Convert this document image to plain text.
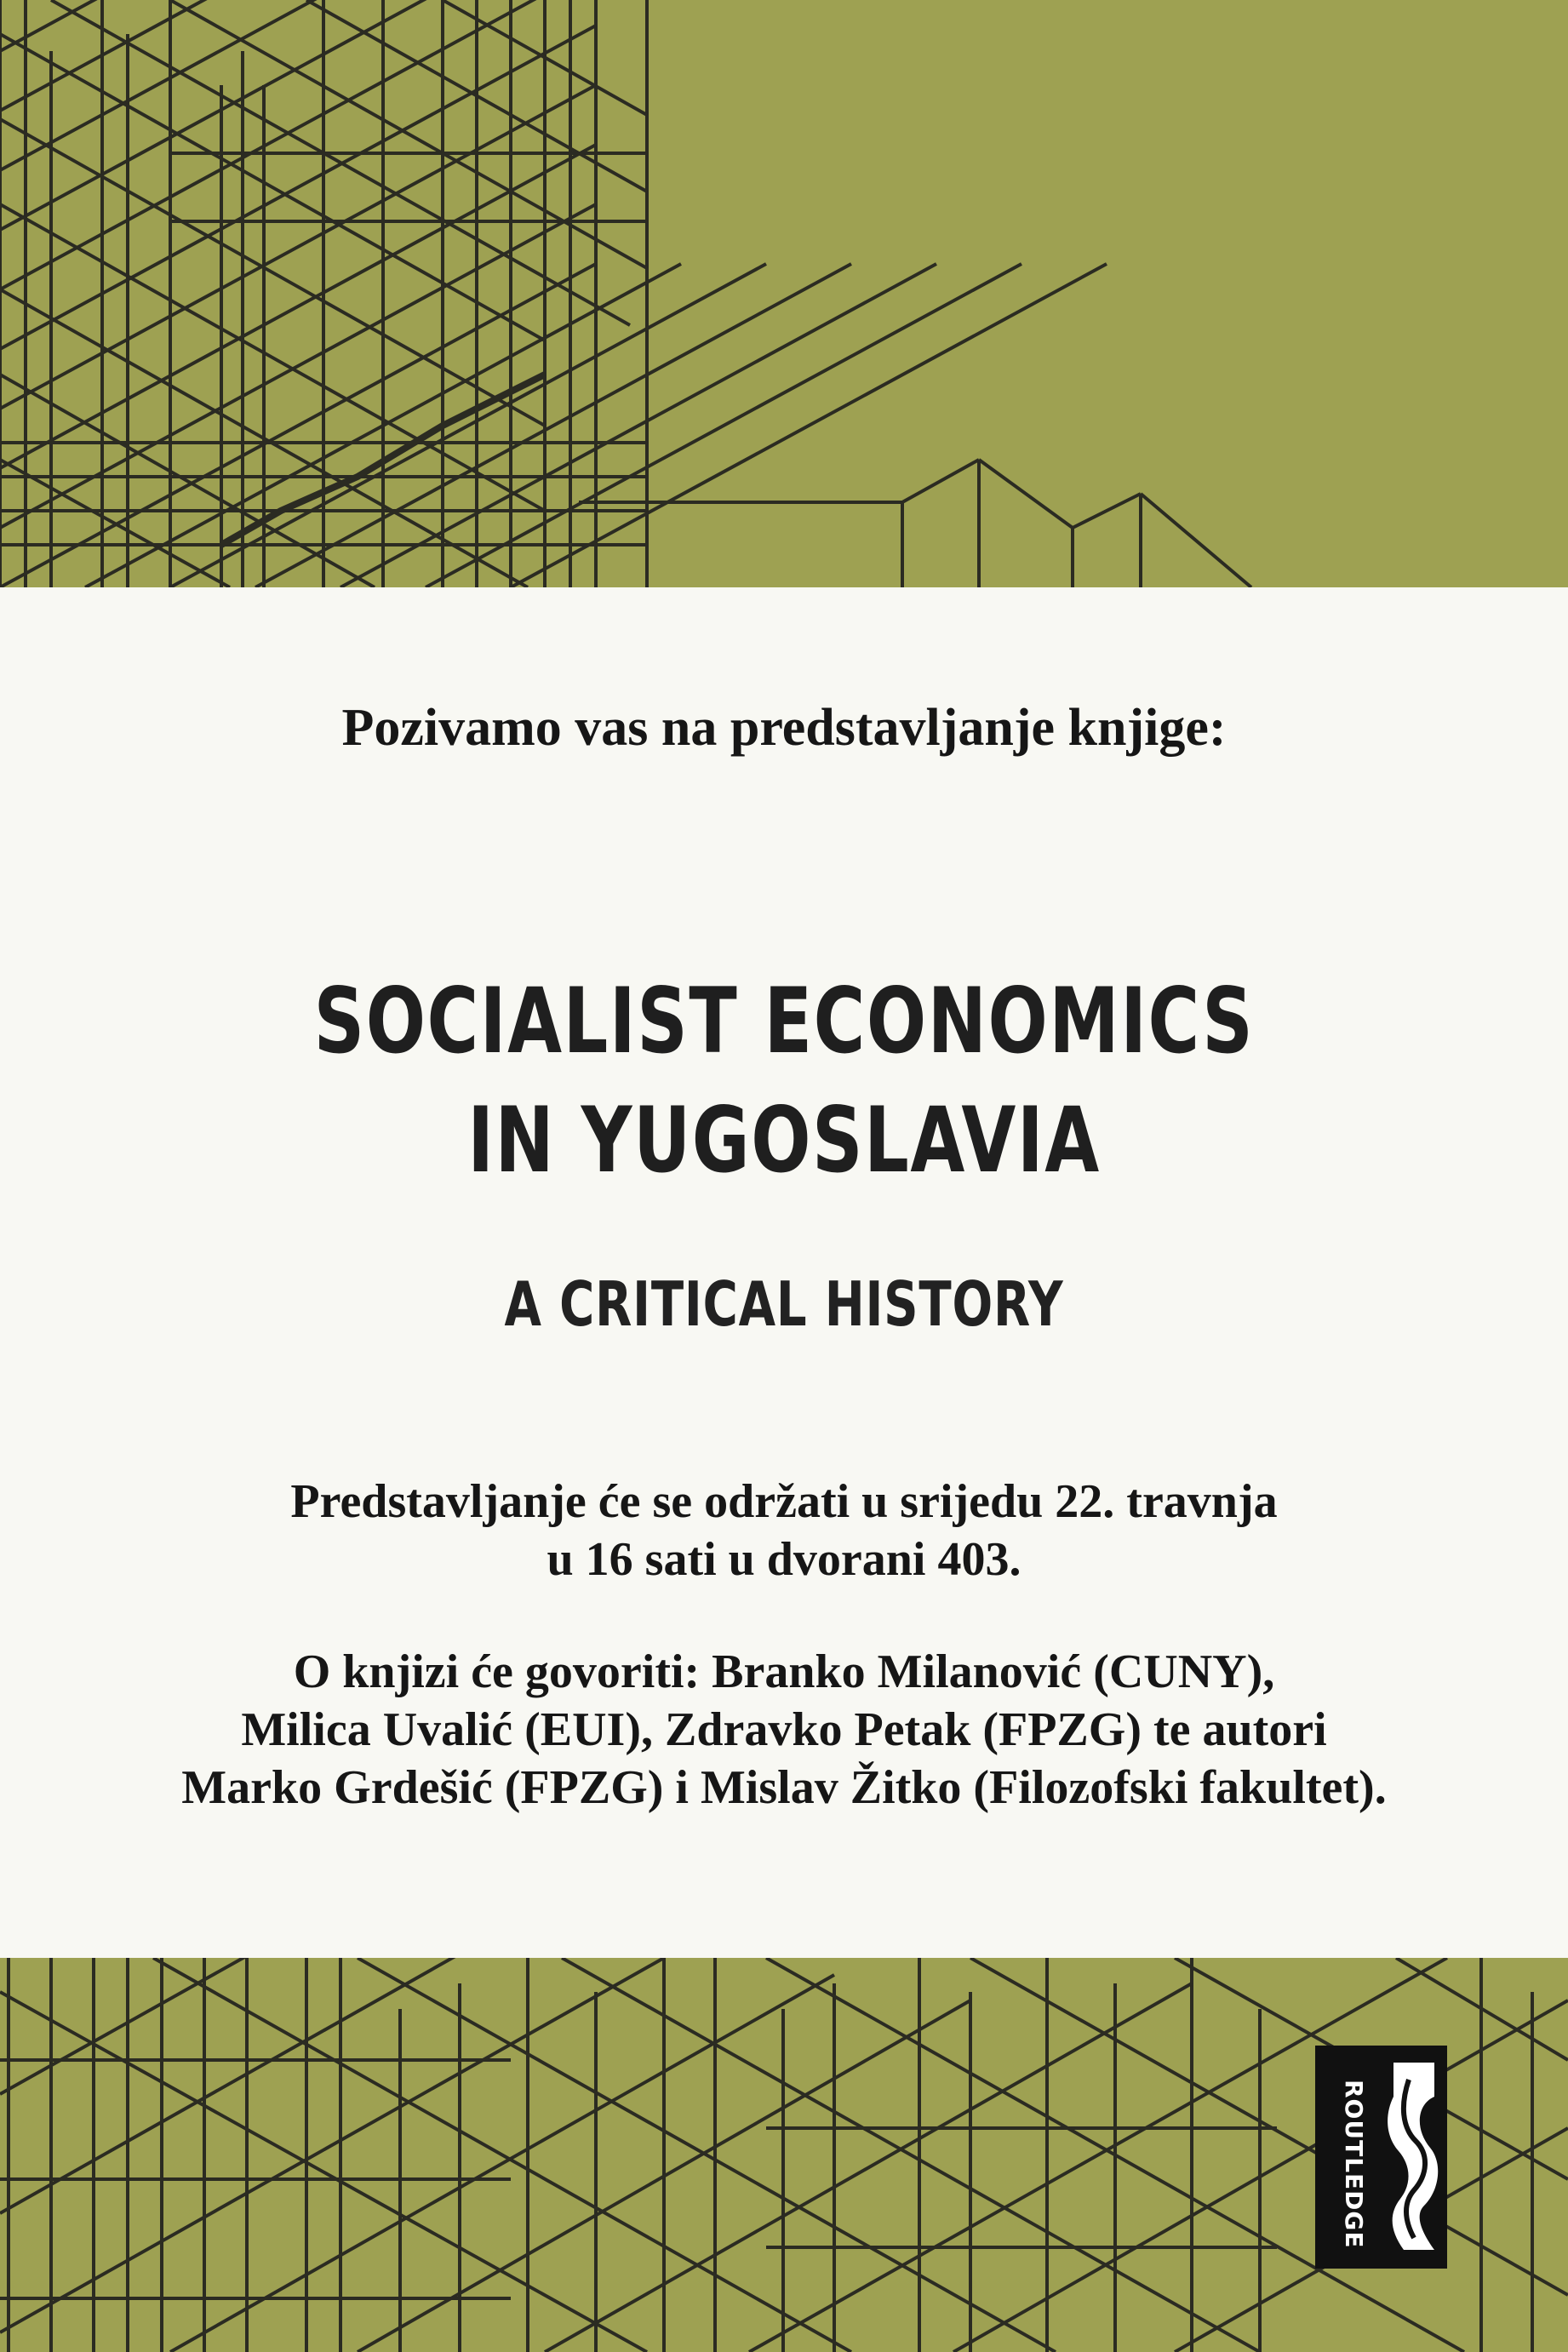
Pozivamo vas na predstavljanje knjige:
SOCIALIST ECONOMICS
IN YUGOSLAVIA
A CRITICAL HISTORY
Predstavljanje će se održati u srijedu 22. travnja
u 16 sati u dvorani 403.
O knjizi će govoriti: Branko Milanović (CUNY),
Milica Uvalić (EUI), Zdravko Petak (FPZG) te autori
Marko Grdešić (FPZG) i Mislav Žitko (Filozofski fakultet).
ROUTLEDGE
